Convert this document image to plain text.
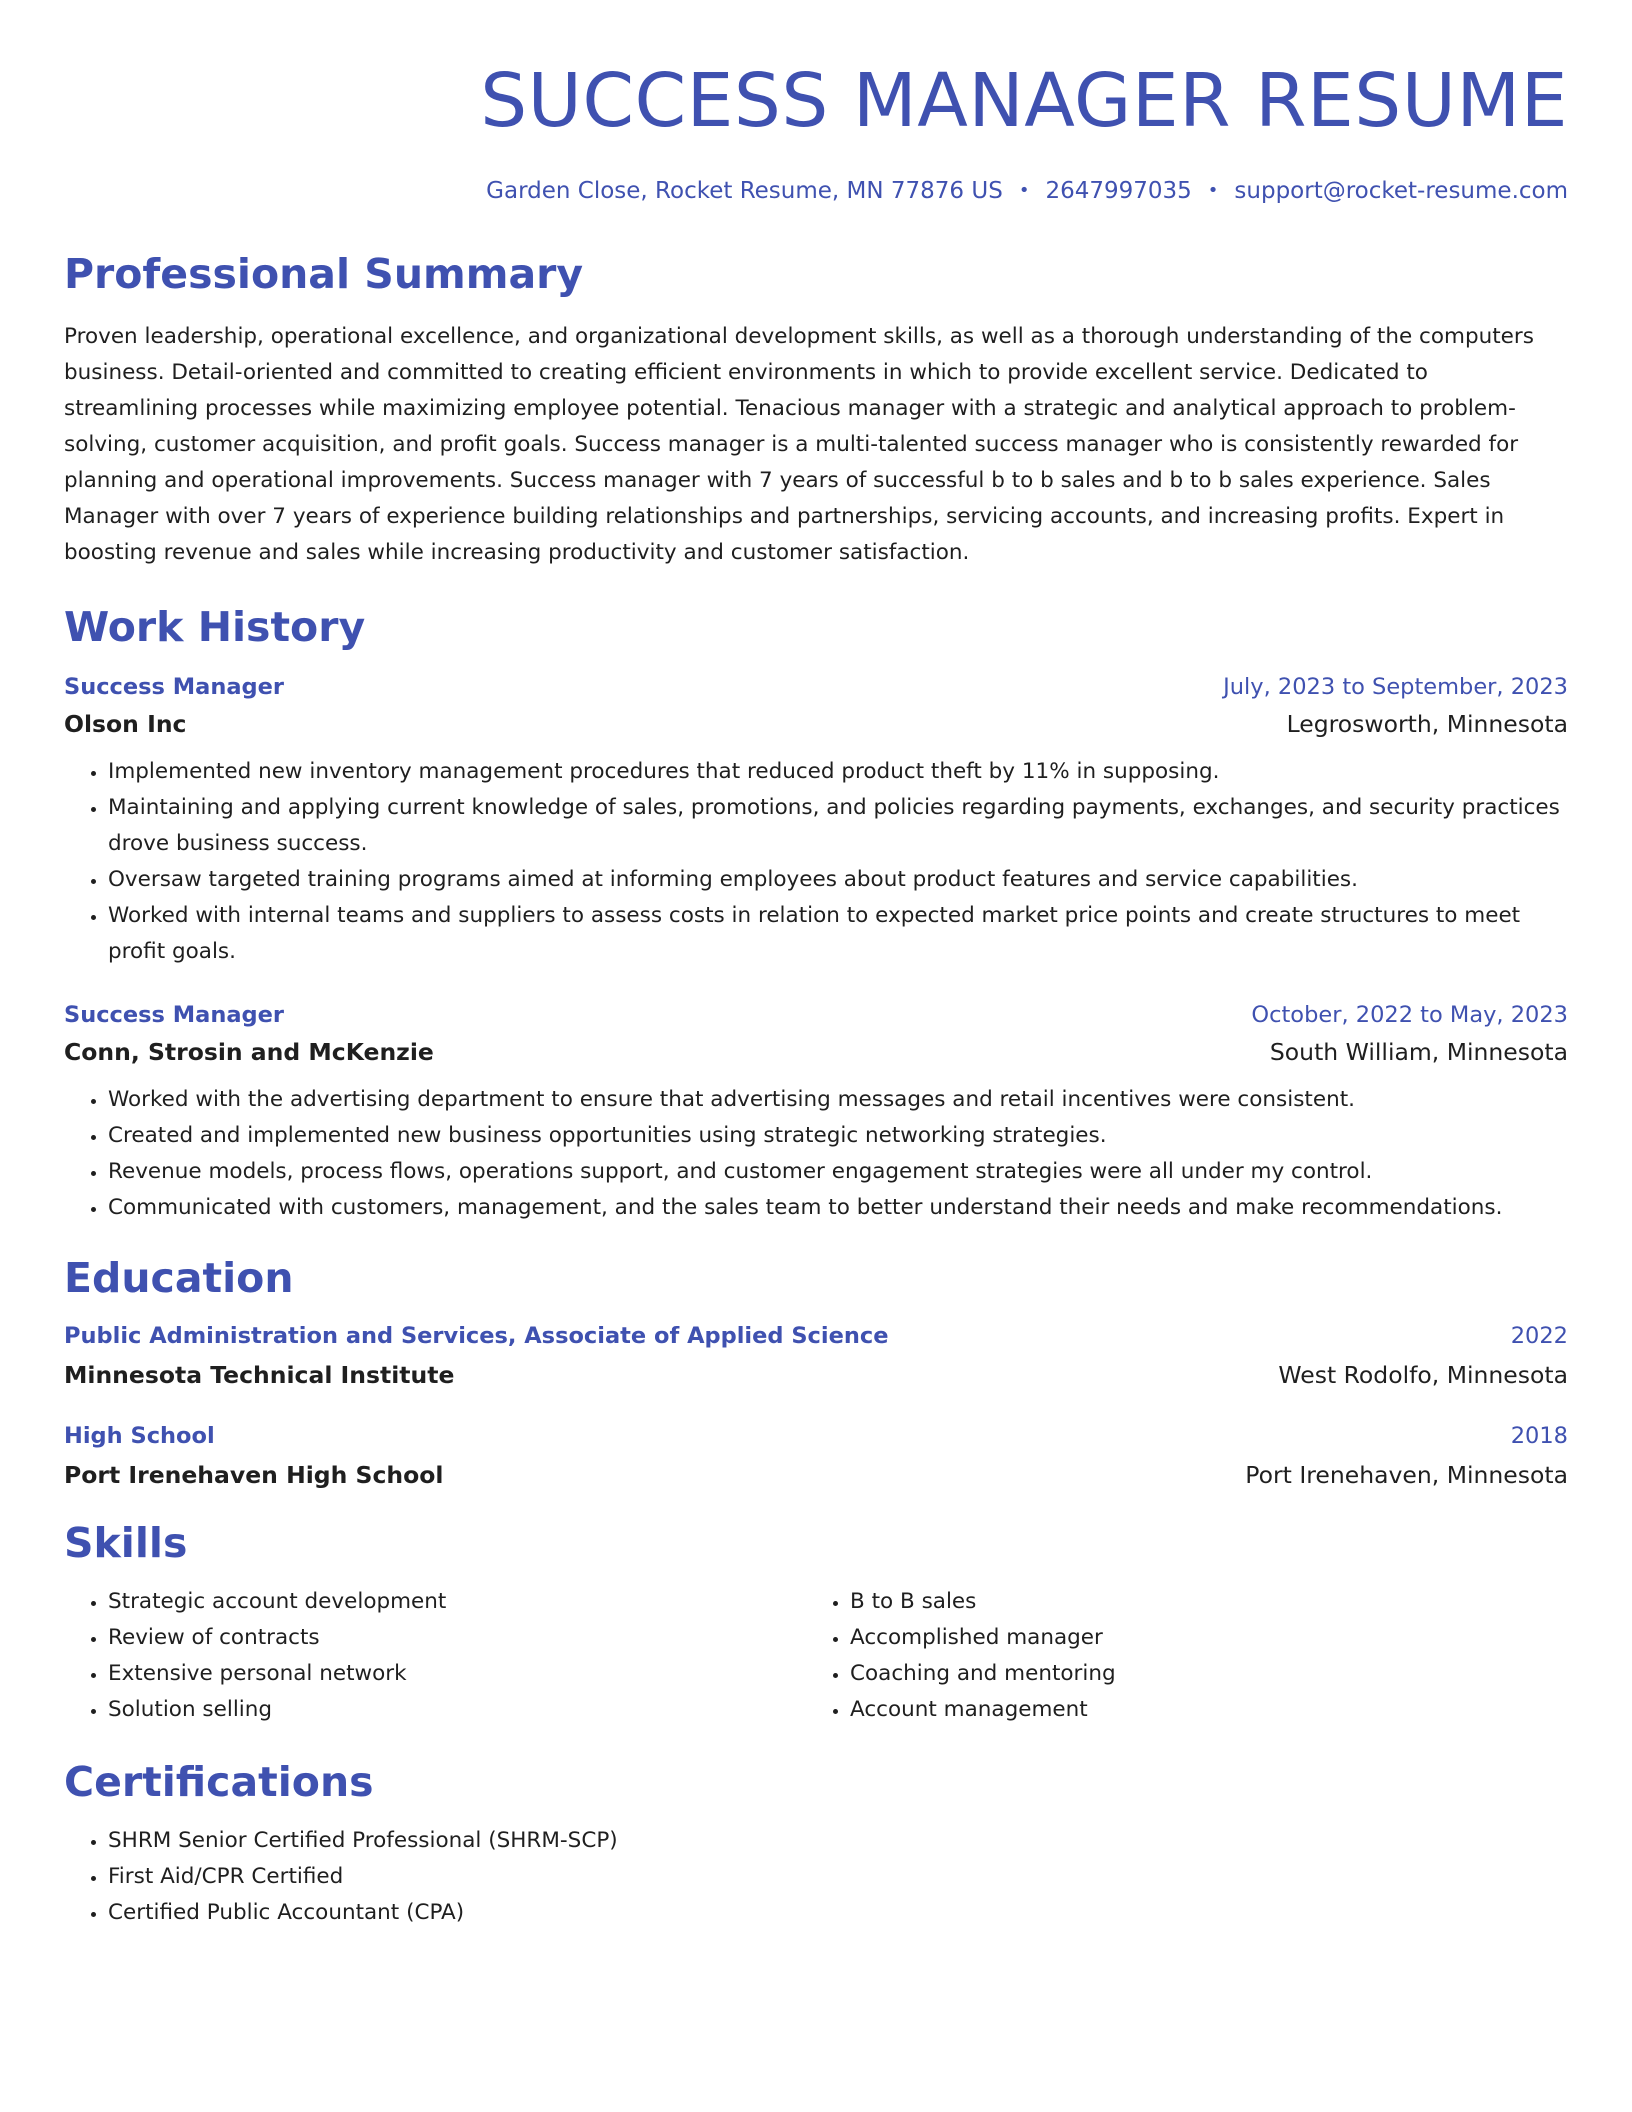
SUCCESS MANAGER RESUME
Garden Close, Rocket Resume, MN 77876 US • 2647997035 • support@rocket-resume.com
Professional Summary
Proven leadership, operational excellence, and organizational development skills, as well as a thorough understanding of the computers business. Detail-oriented and committed to creating efficient environments in which to provide excellent service. Dedicated to streamlining processes while maximizing employee potential. Tenacious manager with a strategic and analytical approach to problem-solving, customer acquisition, and profit goals. Success manager is a multi-talented success manager who is consistently rewarded for planning and operational improvements. Success manager with 7 years of successful b to b sales and b to b sales experience. Sales Manager with over 7 years of experience building relationships and partnerships, servicing accounts, and increasing profits. Expert in boosting revenue and sales while increasing productivity and customer satisfaction.
Work History
Success Manager	July, 2023 to September, 2023
Olson Inc	Legrosworth, Minnesota
• Implemented new inventory management procedures that reduced product theft by 11% in supposing.
• Maintaining and applying current knowledge of sales, promotions, and policies regarding payments, exchanges, and security practices drove business success.
• Oversaw targeted training programs aimed at informing employees about product features and service capabilities.
• Worked with internal teams and suppliers to assess costs in relation to expected market price points and create structures to meet profit goals.
Success Manager	October, 2022 to May, 2023
Conn, Strosin and McKenzie	South William, Minnesota
• Worked with the advertising department to ensure that advertising messages and retail incentives were consistent.
• Created and implemented new business opportunities using strategic networking strategies.
• Revenue models, process flows, operations support, and customer engagement strategies were all under my control.
• Communicated with customers, management, and the sales team to better understand their needs and make recommendations.
Education
Public Administration and Services, Associate of Applied Science	2022
Minnesota Technical Institute	West Rodolfo, Minnesota
High School	2018
Port Irenehaven High School	Port Irenehaven, Minnesota
Skills
• Strategic account development
• Review of contracts
• Extensive personal network
• Solution selling
• B to B sales
• Accomplished manager
• Coaching and mentoring
• Account management
Certifications
• SHRM Senior Certified Professional (SHRM-SCP)
• First Aid/CPR Certified
• Certified Public Accountant (CPA)
